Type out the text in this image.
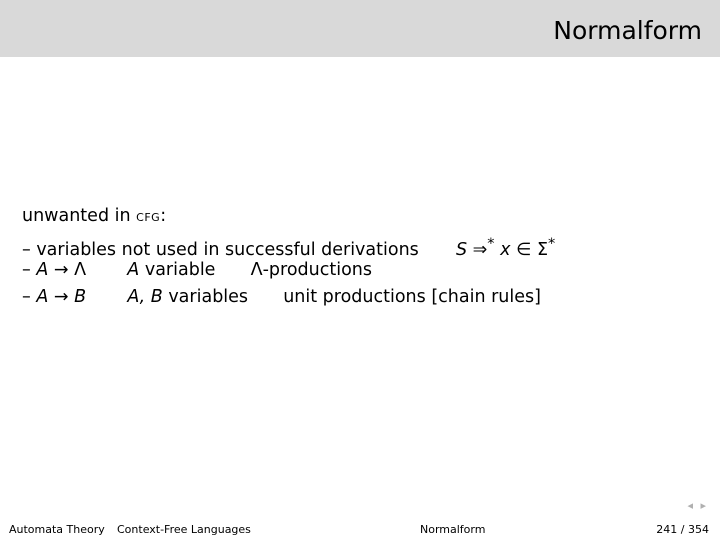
Normalform
unwanted in cfg:
– variables not used in successful derivations S ⇒* x ∈ Σ*
– A → Λ A variable Λ-productions
– A → B A, B variables unit productions [chain rules]
◂ ▸
Automata Theory Context-Free Languages	Normalform	241 / 354
